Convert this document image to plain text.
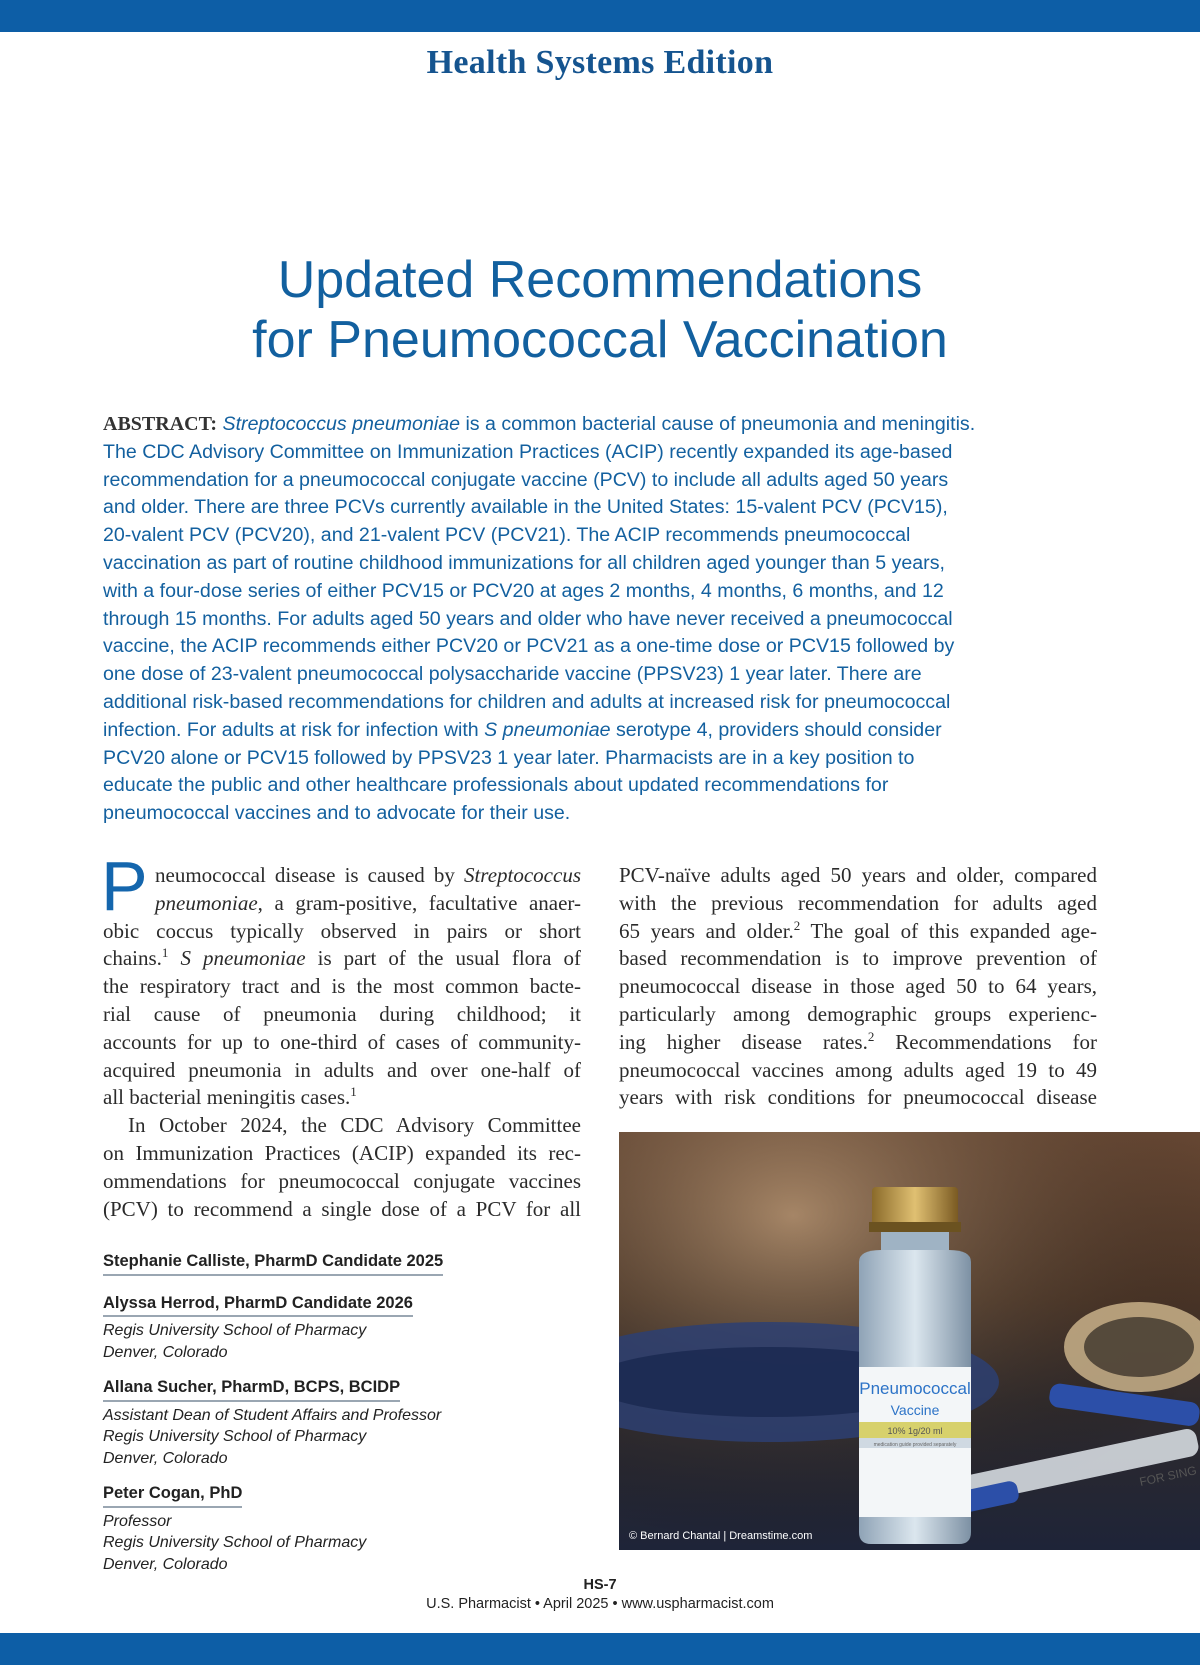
Health Systems Edition
Updated Recommendations
for Pneumococcal Vaccination
ABSTRACT: Streptococcus pneumoniae is a common bacterial cause of pneumonia and meningitis.
The CDC Advisory Committee on Immunization Practices (ACIP) recently expanded its age-based
recommendation for a pneumococcal conjugate vaccine (PCV) to include all adults aged 50 years
and older. There are three PCVs currently available in the United States: 15-valent PCV (PCV15),
20-valent PCV (PCV20), and 21-valent PCV (PCV21). The ACIP recommends pneumococcal
vaccination as part of routine childhood immunizations for all children aged younger than 5 years,
with a four-dose series of either PCV15 or PCV20 at ages 2 months, 4 months, 6 months, and 12
through 15 months. For adults aged 50 years and older who have never received a pneumococcal
vaccine, the ACIP recommends either PCV20 or PCV21 as a one-time dose or PCV15 followed by
one dose of 23-valent pneumococcal polysaccharide vaccine (PPSV23) 1 year later. There are
additional risk-based recommendations for children and adults at increased risk for pneumococcal
infection. For adults at risk for infection with S pneumoniae serotype 4, providers should consider
PCV20 alone or PCV15 followed by PPSV23 1 year later. Pharmacists are in a key position to
educate the public and other healthcare professionals about updated recommendations for
pneumococcal vaccines and to advocate for their use.
P neumococcal disease is caused by Streptococcus
pneumoniae, a gram-positive, facultative anaer-
obic coccus typically observed in pairs or short
chains.$^1$ S pneumoniae is part of the usual flora of
the respiratory tract and is the most common bacte-
rial cause of pneumonia during childhood; it
accounts for up to one-third of cases of community-
acquired pneumonia in adults and over one-half of
all bacterial meningitis cases.$^1$
In October 2024, the CDC Advisory Committee
on Immunization Practices (ACIP) expanded its rec-
ommendations for pneumococcal conjugate vaccines
(PCV) to recommend a single dose of a PCV for all
PCV-naïve adults aged 50 years and older, compared
with the previous recommendation for adults aged
65 years and older.$^2$ The goal of this expanded age-
based recommendation is to improve prevention of
pneumococcal disease in those aged 50 to 64 years,
particularly among demographic groups experienc-
ing higher disease rates.$^2$ Recommendations for
pneumococcal vaccines among adults aged 19 to 49
years with risk conditions for pneumococcal disease
Stephanie Calliste, PharmD Candidate 2025
Alyssa Herrod, PharmD Candidate 2026
Regis University School of Pharmacy
Denver, Colorado
Allana Sucher, PharmD, BCPS, BCIDP
Assistant Dean of Student Affairs and Professor
Regis University School of Pharmacy
Denver, Colorado
Peter Cogan, PhD
Professor
Regis University School of Pharmacy
Denver, Colorado
Pneumococcal
Vaccine
10% 1g/20 ml
medication guide provided separately
FOR SING
© Bernard Chantal | Dreamstime.com
HS-7
U.S. Pharmacist • April 2025 • www.uspharmacist.com
